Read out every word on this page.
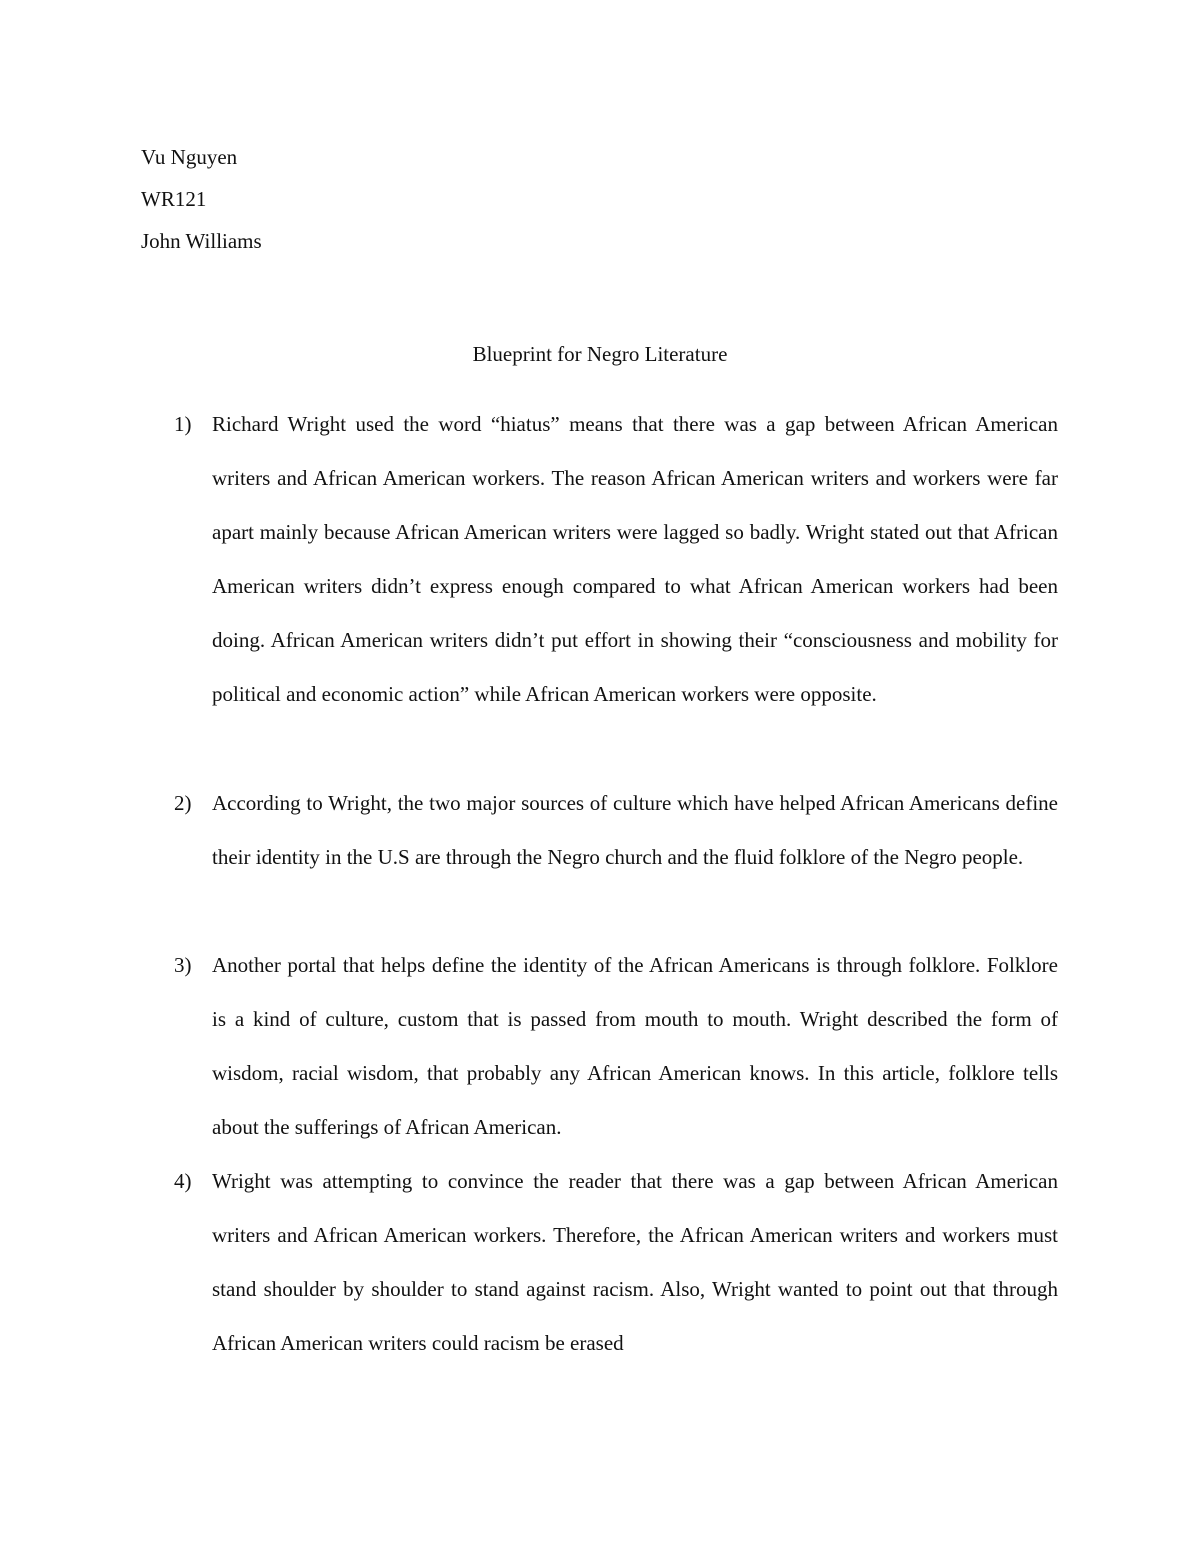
Vu Nguyen
WR121
John Williams
Blueprint for Negro Literature
1) Richard Wright used the word “hiatus” means that there was a gap between African American writers and African American workers. The reason African American writers and workers were far apart mainly because African American writers were lagged so badly. Wright stated out that African American writers didn’t express enough compared to what African American workers had been doing. African American writers didn’t put effort in showing their “consciousness and mobility for political and economic action” while African American workers were opposite.
2) According to Wright, the two major sources of culture which have helped African Americans define their identity in the U.S are through the Negro church and the fluid folklore of the Negro people.
3) Another portal that helps define the identity of the African Americans is through folklore. Folklore is a kind of culture, custom that is passed from mouth to mouth. Wright described the form of wisdom, racial wisdom, that probably any African American knows. In this article, folklore tells about the sufferings of African American.
4) Wright was attempting to convince the reader that there was a gap between African American writers and African American workers. Therefore, the African American writers and workers must stand shoulder by shoulder to stand against racism. Also, Wright wanted to point out that through African American writers could racism be erased
